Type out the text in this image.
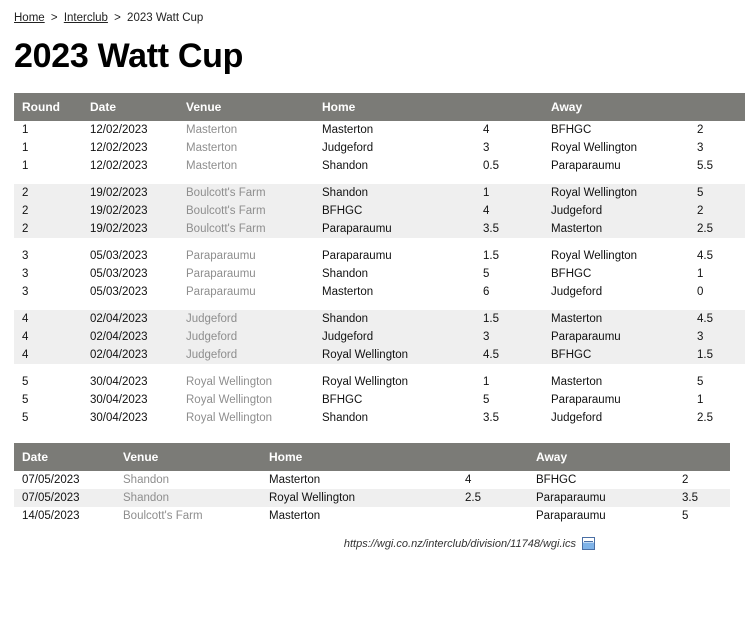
Home > Interclub > 2023 Watt Cup
2023 Watt Cup
Round	Date	Venue	Home		Away	
1	12/02/2023	Masterton	Masterton	4	BFHGC	2
1	12/02/2023	Masterton	Judgeford	3	Royal Wellington	3
1	12/02/2023	Masterton	Shandon	0.5	Paraparaumu	5.5

2	19/02/2023	Boulcott's Farm	Shandon	1	Royal Wellington	5
2	19/02/2023	Boulcott's Farm	BFHGC	4	Judgeford	2
2	19/02/2023	Boulcott's Farm	Paraparaumu	3.5	Masterton	2.5

3	05/03/2023	Paraparaumu	Paraparaumu	1.5	Royal Wellington	4.5
3	05/03/2023	Paraparaumu	Shandon	5	BFHGC	1
3	05/03/2023	Paraparaumu	Masterton	6	Judgeford	0

4	02/04/2023	Judgeford	Shandon	1.5	Masterton	4.5
4	02/04/2023	Judgeford	Judgeford	3	Paraparaumu	3
4	02/04/2023	Judgeford	Royal Wellington	4.5	BFHGC	1.5

5	30/04/2023	Royal Wellington	Royal Wellington	1	Masterton	5
5	30/04/2023	Royal Wellington	BFHGC	5	Paraparaumu	1
5	30/04/2023	Royal Wellington	Shandon	3.5	Judgeford	2.5
Date	Venue	Home		Away	
07/05/2023	Shandon	Masterton	4	BFHGC	2
07/05/2023	Shandon	Royal Wellington	2.5	Paraparaumu	3.5
14/05/2023	Boulcott's Farm	Masterton		Paraparaumu	5
https://wgi.co.nz/interclub/division/11748/wgi.ics
